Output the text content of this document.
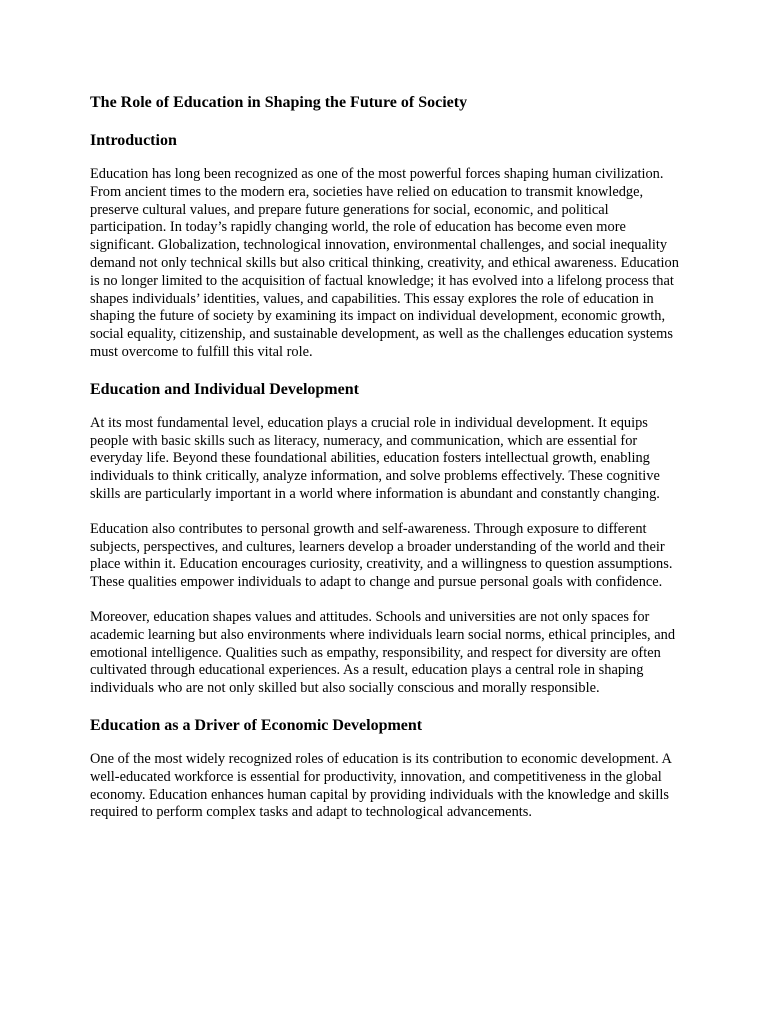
The Role of Education in Shaping the Future of Society
Introduction

Education has long been recognized as one of the most powerful forces shaping human civilization. From ancient times to the modern era, societies have relied on education to transmit knowledge, preserve cultural values, and prepare future generations for social, economic, and political participation. In today’s rapidly changing world, the role of education has become even more significant. Globalization, technological innovation, environmental challenges, and social inequality demand not only technical skills but also critical thinking, creativity, and ethical awareness. Education is no longer limited to the acquisition of factual knowledge; it has evolved into a lifelong process that shapes individuals’ identities, values, and capabilities. This essay explores the role of education in shaping the future of society by examining its impact on individual development, economic growth, social equality, citizenship, and sustainable development, as well as the challenges education systems must overcome to fulfill this vital role.

Education and Individual Development

At its most fundamental level, education plays a crucial role in individual development. It equips people with basic skills such as literacy, numeracy, and communication, which are essential for everyday life. Beyond these foundational abilities, education fosters intellectual growth, enabling individuals to think critically, analyze information, and solve problems effectively. These cognitive skills are particularly important in a world where information is abundant and constantly changing.

Education also contributes to personal growth and self-awareness. Through exposure to different subjects, perspectives, and cultures, learners develop a broader understanding of the world and their place within it. Education encourages curiosity, creativity, and a willingness to question assumptions. These qualities empower individuals to adapt to change and pursue personal goals with confidence.

Moreover, education shapes values and attitudes. Schools and universities are not only spaces for academic learning but also environments where individuals learn social norms, ethical principles, and emotional intelligence. Qualities such as empathy, responsibility, and respect for diversity are often cultivated through educational experiences. As a result, education plays a central role in shaping individuals who are not only skilled but also socially conscious and morally responsible.

Education as a Driver of Economic Development

One of the most widely recognized roles of education is its contribution to economic development. A well-educated workforce is essential for productivity, innovation, and competitiveness in the global economy. Education enhances human capital by providing individuals with the knowledge and skills required to perform complex tasks and adapt to technological advancements.
